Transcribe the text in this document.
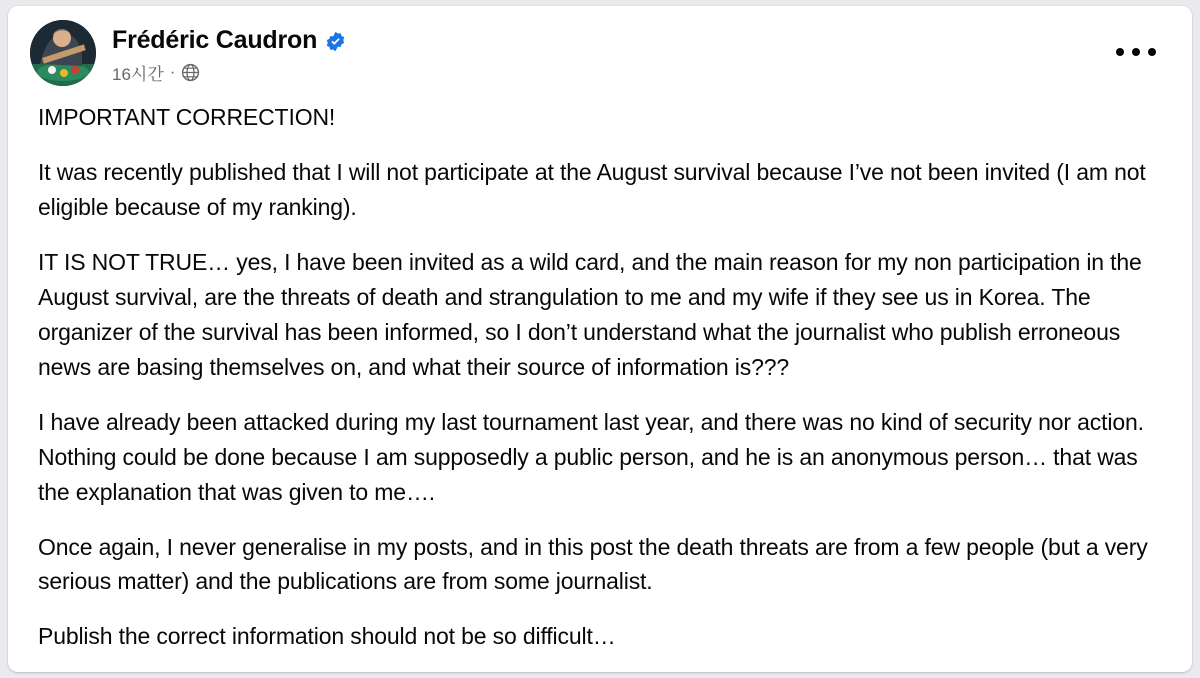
Frédéric Caudron
16시간 ·

IMPORTANT CORRECTION!

It was recently published that I will not participate at the August survival because I’ve not been invited (I am not eligible because of my ranking).

IT IS NOT TRUE… yes, I have been invited as a wild card, and the main reason for my non participation in the August survival, are the threats of death and strangulation to me and my wife if they see us in Korea. The organizer of the survival has been informed, so I don’t understand what the journalist who publish erroneous news are basing themselves on, and what their source of information is???

I have already been attacked during my last tournament last year, and there was no kind of security nor action. Nothing could be done because I am supposedly a public person, and he is an anonymous person… that was the explanation that was given to me….

Once again, I never generalise in my posts, and in this post the death threats are from a few people (but a very serious matter) and the publications are from some journalist.

Publish the correct information should not be so difficult…
